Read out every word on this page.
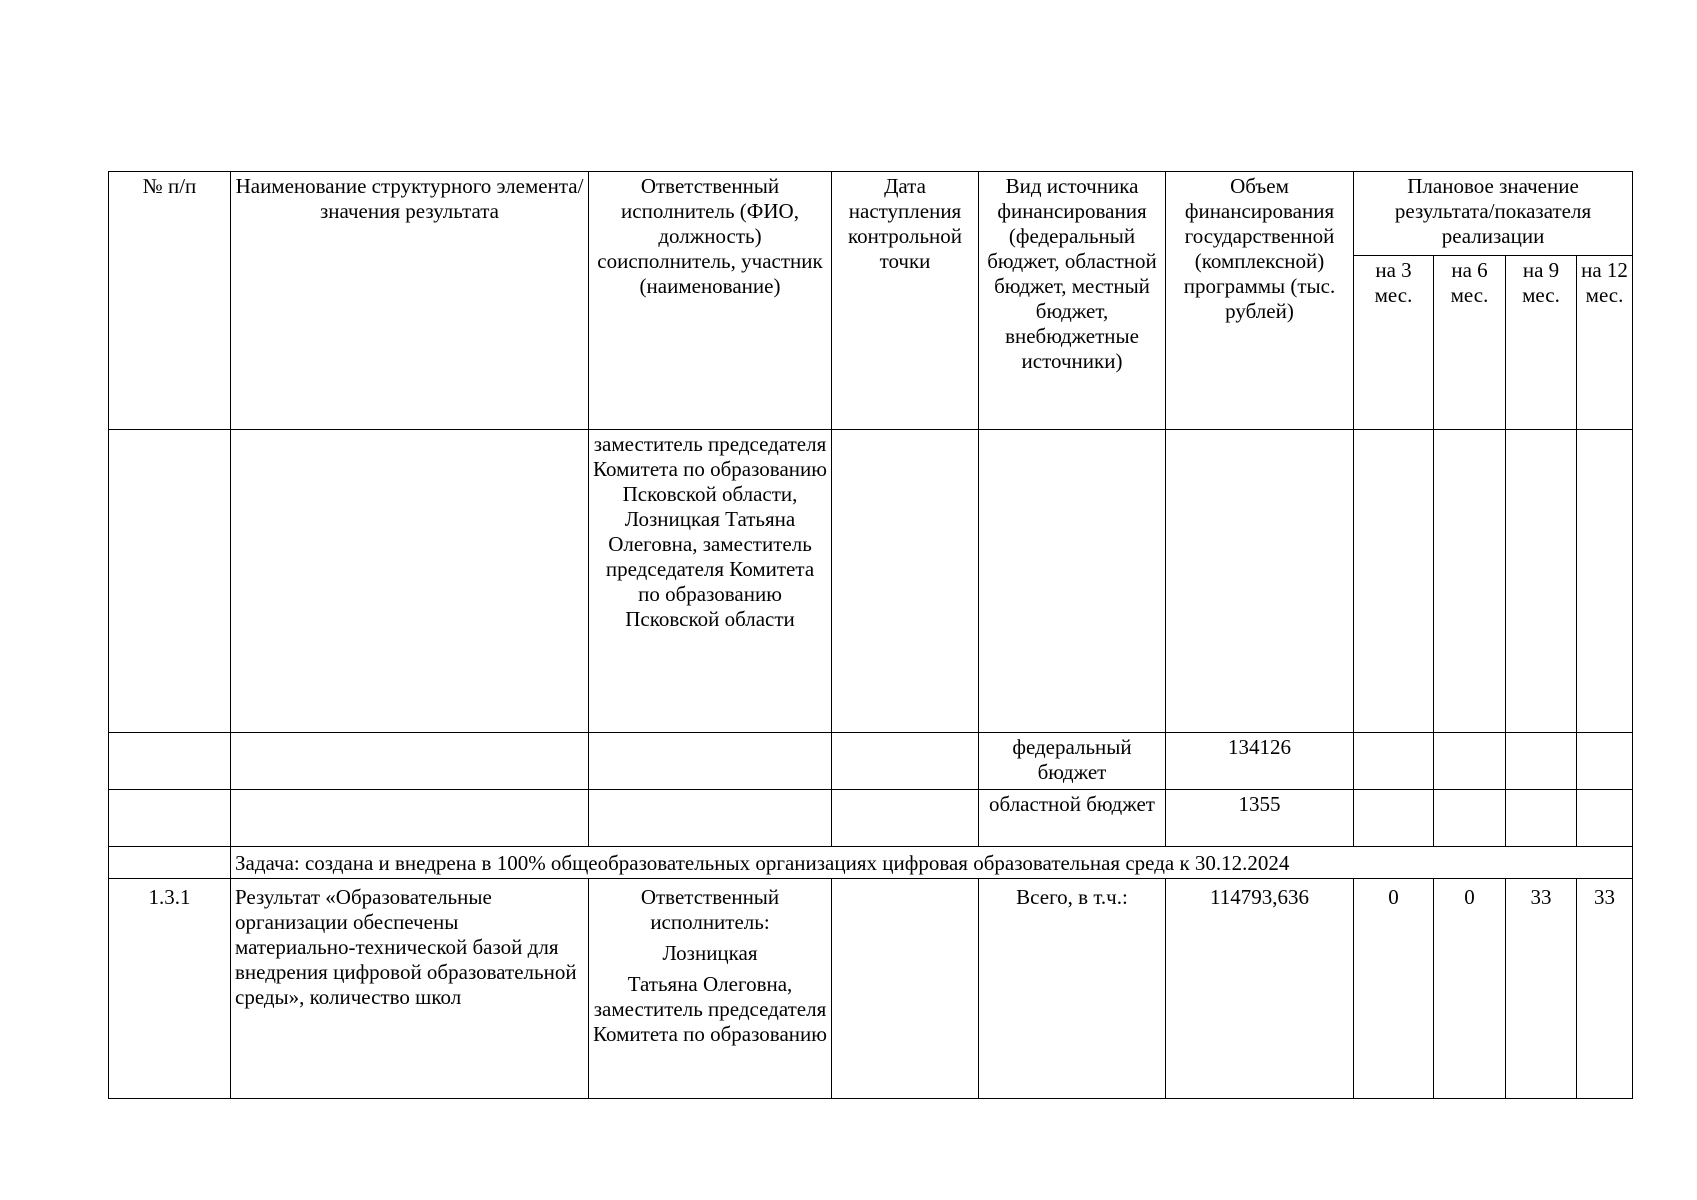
№ п/п	Наименование структурного элемента/ значения результата	Ответственный исполнитель (ФИО, должность) соисполнитель, участник (наименование)	Дата наступления контрольной точки	Вид источника финансирования (федеральный бюджет, областной бюджет, местный бюджет, внебюджетные источники)	Объем финансирования государственной (комплексной) программы (тыс. рублей)	Плановое значение результата/показателя реализации			
						на 3 мес.	на 6 мес.	на 9 мес.	на 12 мес.
		заместитель председателя Комитета по образованию Псковской области, Лозницкая Татьяна Олеговна, заместитель председателя Комитета по образованию Псковской области							
				федеральный бюджет	134126				
				областной бюджет	1355				
	Задача: создана и внедрена в 100% общеобразовательных организациях цифровая образовательная среда к 30.12.2024								
1.3.1	Результат «Образовательные организации обеспечены материально-технической базой для внедрения цифровой образовательной среды», количество школ	Ответственный исполнитель:
Лозницкая
Татьяна Олеговна, заместитель председателя Комитета по образованию		Всего, в т.ч.:	114793,636	0	0	33	33
